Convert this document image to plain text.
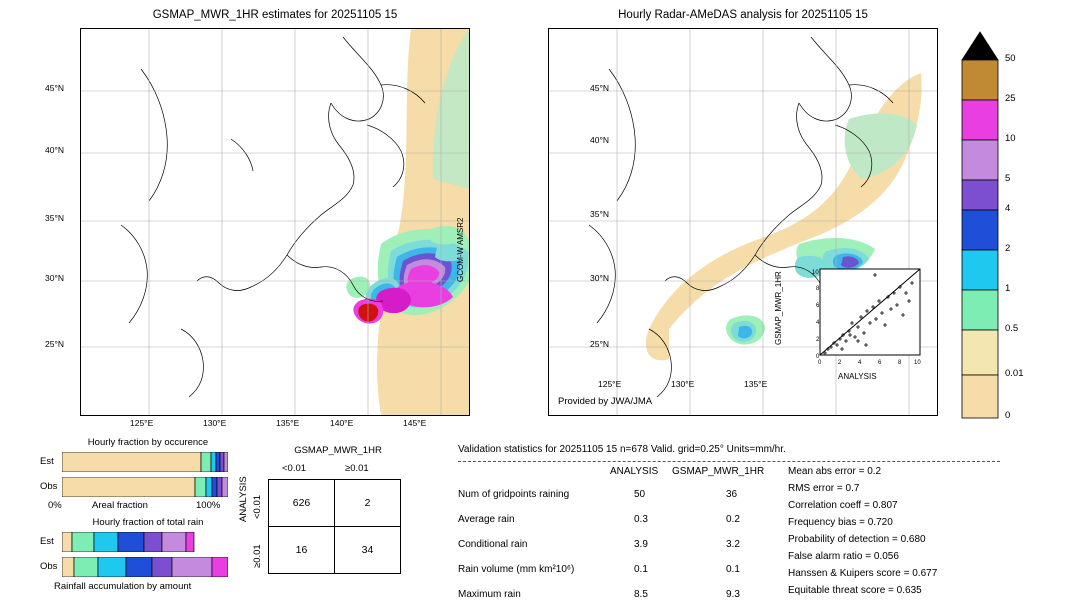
GSMAP_MWR_1HR estimates for 20251105 15
45°N
40°N
35°N
30°N
25°N
125°E	130°E	135°E	140°E	145°E
GCOM-W AMSR2
Hourly Radar-AMeDAS analysis for 20251105 15
45°N
40°N
35°N
30°N
25°N
125°E	130°E	135°E
Provided by JWA/JMA
0
2
4
6
8
10
0	2	4	6	8 10
ANALYSIS
GSMAP_MWR_1HR
50
25
10
5
4
2
1
0.5
0.01
0
Hourly fraction by occurence
Est
Obs
Areal fraction
0%	100%
Hourly fraction of total rain
Est
Obs
Rainfall accumulation by amount
GSMAP_MWR_1HR
<0.01	≥0.01
ANALYSIS <0.01
≥0.01
626	2
16	34
Validation statistics for 20251105 15 n=678 Valid. grid=0.25° Units=mm/hr.
ANALYSIS GSMAP_MWR_1HR
Num of gridpoints raining	50	36
Average rain	0.3	0.2
Conditional rain	3.9	3.2
Rain volume (mm km²10⁶)	0.1	0.1
Maximum rain	8.5	9.3
Mean abs error = 0.2
RMS error = 0.7
Correlation coeff = 0.807
Frequency bias = 0.720
Probability of detection = 0.680
False alarm ratio = 0.056
Hanssen & Kuipers score = 0.677
Equitable threat score = 0.635
